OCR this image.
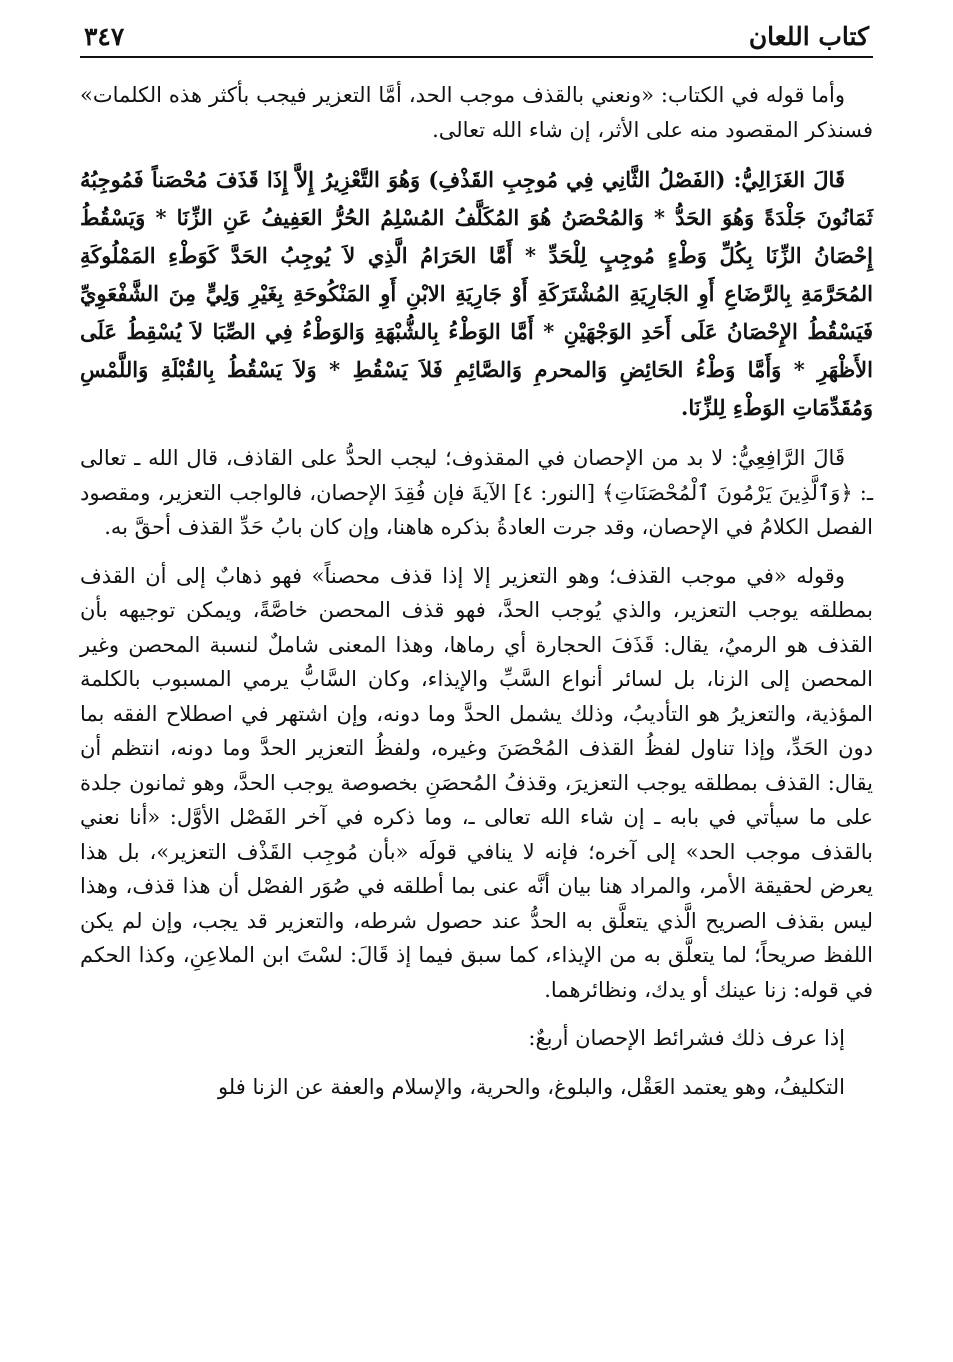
كتاب اللعان
٣٤٧

وأما قوله في الكتاب: «ونعني بالقذف موجب الحد، أمَّا التعزير فيجب بأكثر هذه الكلمات» فسنذكر المقصود منه على الأثر، إن شاء الله تعالى.

قَالَ الغَزَالِيُّ: (الفَصْلُ الثَّانِي فِي مُوجِبِ القَذْفِ) وَهُوَ التَّعْزِيرُ إِلاَّ إِذَا قَذَفَ مُحْصَناً فَمُوجِبُهُ ثَمَانُونَ جَلْدَةً وَهُوَ الحَدُّ * وَالمُحْصَنُ هُوَ المُكَلَّفُ المُسْلِمُ الحُرُّ العَفِيفُ عَنِ الزِّنَا * وَيَسْقُطُ إِحْصَانُ الزِّنَا بِكُلِّ وَطْءٍ مُوجِبٍ لِلْحَدِّ * أَمَّا الحَرَامُ الَّذِي لاَ يُوجِبُ الحَدَّ كَوَطْءِ المَمْلُوكَةِ المُحَرَّمَةِ بِالرَّضَاعِ أَوِ الجَارِيَةِ المُشْتَرَكَةِ أَوْ جَارِيَةِ الابْنِ أَوِ المَنْكُوحَةِ بِغَيْرِ وَلِيٍّ مِنَ الشَّفْعَوِيِّ فَيَسْقُطُ الإِحْصَانُ عَلَى أَحَدِ الوَجْهَيْنِ * أَمَّا الوَطْءُ بِالشُّبْهَةِ وَالوَطْءُ فِي الصِّبَا لاَ يُسْقِطُ عَلَى الأَظْهَرِ * وَأَمَّا وَطْءُ الحَائِضِ وَالمحرمِ وَالصَّائِمِ فَلاَ يَسْقُطِ * وَلاَ يَسْقُطُ بِالقُبْلَةِ وَاللَّمْسِ وَمُقَدِّمَاتِ الوَطْءِ لِلزِّنَا.

قَالَ الرَّافِعِيُّ: لا بد من الإحصان في المقذوف؛ ليجب الحدُّ على القاذف، قال الله ـ تعالى ـ: ﴿وَٱلَّذِينَ يَرْمُونَ ٱلْمُحْصَنَاتِ﴾ [النور: ٤] الآيةَ فإن فُقِدَ الإحصان، فالواجب التعزير، ومقصود الفصل الكلامُ في الإحصان، وقد جرت العادةُ بذكره هاهنا، وإن كان بابُ حَدِّ القذف أحقَّ به.

وقوله «في موجب القذف؛ وهو التعزير إلا إذا قذف محصناً» فهو ذهابٌ إلى أن القذف بمطلقه يوجب التعزير، والذي يُوجب الحدَّ، فهو قذف المحصن خاصَّةً، ويمكن توجيهه بأن القذف هو الرميُ، يقال: قَذَفَ الحجارة أي رماها، وهذا المعنى شاملٌ لنسبة المحصن وغير المحصن إلى الزنا، بل لسائر أنواع السَّبِّ والإيذاء، وكان السَّابُّ يرمي المسبوب بالكلمة المؤذية، والتعزيرُ هو التأديبُ، وذلك يشمل الحدَّ وما دونه، وإن اشتهر في اصطلاح الفقه بما دون الحَدِّ، وإذا تناول لفظُ القذف المُحْصَنَ وغيره، ولفظُ التعزير الحدَّ وما دونه، انتظم أن يقال: القذف بمطلقه يوجب التعزيرَ، وقذفُ المُحصَنِ بخصوصة يوجب الحدَّ، وهو ثمانون جلدة على ما سيأتي في بابه ـ إن شاء الله تعالى ـ، وما ذكره في آخر الفَصْل الأوَّل: «أنا نعني بالقذف موجب الحد» إلى آخره؛ فإنه لا ينافي قولَه «بأن مُوجِب القَذْف التعزير»، بل هذا يعرض لحقيقة الأمر، والمراد هنا بيان أنَّه عنى بما أطلقه في صُوَر الفصْل أن هذا قذف، وهذا ليس بقذف الصريح الَّذي يتعلَّق به الحدُّ عند حصول شرطه، والتعزير قد يجب، وإن لم يكن اللفظ صريحاً؛ لما يتعلَّق به من الإيذاء، كما سبق فيما إذ قَالَ: لسْتَ ابن الملاعِنِ، وكذا الحكم في قوله: زنا عينك أو يدك، ونظائرهما.

إذا عرف ذلك فشرائط الإحصان أربعٌ:

التكليفُ، وهو يعتمد العَقْل، والبلوغ، والحرية، والإسلام والعفة عن الزنا فلو
